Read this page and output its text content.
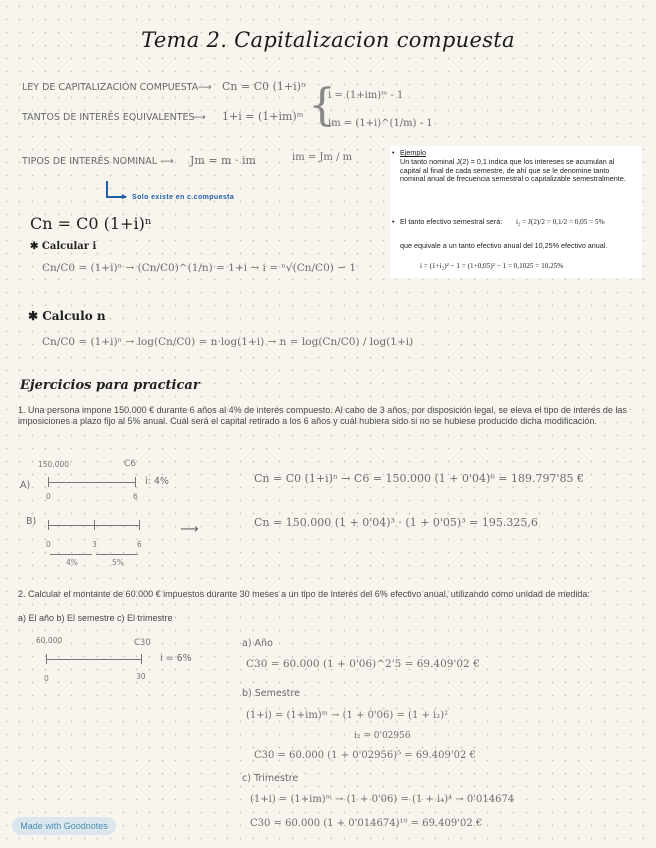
Tema 2. Capitalizacion compuesta
LEY DE CAPITALIZACIÓN COMPUESTA ⟶ Cn = C0 (1+i)ⁿ
TANTOS DE INTERÉS EQUIVALENTES
⟶ 1+i = (1+im)ᵐ {
i = (1+im)ᵐ - 1
im = (1+i)^(1/m) - 1
TIPOS DE INTERÉS NOMINAL ⟶ Jm = m · im	im = Jm / m
▸ Solo existe en c.compuesta
• Ejemplo
Un tanto nominal J(2) = 0,1 indica que los intereses se acumulan al capital al final de cada semestre, de ahí que se le denomine tanto nominal anual de frecuencia semestral o capitalizable semestralmente.
• El tanto efectivo semestral será: i₂ = J(2)/2 = 0,1/2 = 0,05 = 5%
que equivale a un tanto efectivo anual del 10,25% efectivo anual.
i = (1+i₂)² − 1 = (1+0,05)² − 1 = 0,1025 = 10,25%
Cn = C0 (1+i)ⁿ
✱ Calcular i
Cn/C0 = (1+i)ⁿ → (Cn/C0)^(1/n) = 1+i → i = ⁿ√(Cn/C0) − 1
✱ Calculo n
Cn/C0 = (1+i)ⁿ → log(Cn/C0) = n·log(1+i) → n = log(Cn/C0) / log(1+i)
Ejercicios para practicar
1. Una persona impone 150.000 € durante 6 años al 4% de interés compuesto. Al cabo de 3 años, por disposición legal, se eleva el tipo de interés de las imposiciones a plazo fijo al 5% anual. Cuál será el capital retirado a los 6 años y cuál hubiera sido si no se hubiese producido dicha modificación.
150.000	C6
A)
0	6
i: 4%	Cn = C0 (1+i)ⁿ → C6 = 150.000 (1 + 0'04)⁶ = 189.797'85 €
B)
0	3	6
4%	5%
⟶	Cn = 150.000 (1 + 0'04)³ · (1 + 0'05)³ = 195.325,6
2. Calcular el montante de 60.000 € impuestos durante 30 meses a un tipo de interés del 6% efectivo anual, utilizando como unidad de medida:
a) El año b) El semestre c) El trimestre
60.000	C30
0	30
i = 6%
a) Año
C30 = 60.000 (1 + 0'06)^2'5 = 69.409'02 €
b) Semestre
(1+i) = (1+im)ᵐ → (1 + 0'06) = (1 + i₂)²
i₂ = 0'02956
C30 = 60.000 (1 + 0'02956)⁵ = 69.409'02 €
c) Trimestre
(1+i) = (1+im)ᵐ → (1 + 0'06) = (1 + i₄)⁴ → 0'014674
C30 = 60.000 (1 + 0'014674)¹⁰ = 69.409'02 €
Made with Goodnotes
